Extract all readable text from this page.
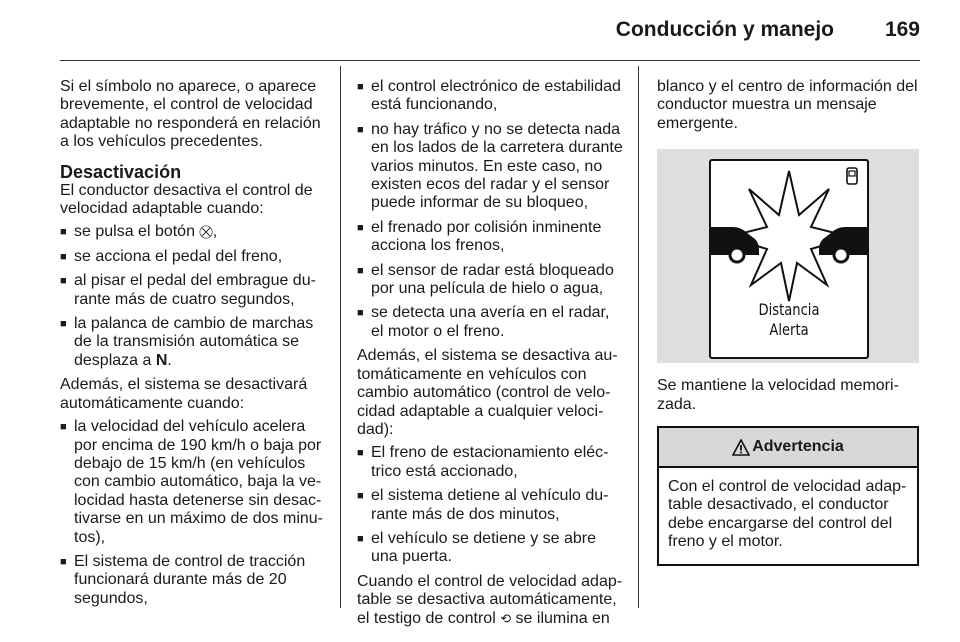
Conducción y manejo 169

Si el símbolo no aparece, o aparece brevemente, el control de velocidad adaptable no responderá en relación a los vehículos precedentes.

Desactivación

El conductor desactiva el control de velocidad adaptable cuando:

■ se pulsa el botón ⛒,
■ se acciona el pedal del freno,
■ al pisar el pedal del embrague durante más de cuatro segundos,
■ la palanca de cambio de marchas de la transmisión automática se desplaza a N.

Además, el sistema se desactivará automáticamente cuando:

■ la velocidad del vehículo acelera por encima de 190 km/h o baja por debajo de 15 km/h (en vehículos con cambio automático, baja la velocidad hasta detenerse sin desactivarse en un máximo de dos minutos),
■ El sistema de control de tracción funcionará durante más de 20 segundos,
■ el control electrónico de estabilidad está funcionando,
■ no hay tráfico y no se detecta nada en los lados de la carretera durante varios minutos. En este caso, no existen ecos del radar y el sensor puede informar de su bloqueo,
■ el frenado por colisión inminente acciona los frenos,
■ el sensor de radar está bloqueado por una película de hielo o agua,
■ se detecta una avería en el radar, el motor o el freno.

Además, el sistema se desactiva automáticamente en vehículos con cambio automático (control de velocidad adaptable a cualquier velocidad):

■ El freno de estacionamiento eléctrico está accionado,
■ el sistema detiene al vehículo durante más de dos minutos,
■ el vehículo se detiene y se abre una puerta.

Cuando el control de velocidad adaptable se desactiva automáticamente, el testigo de control ⟲ se ilumina en

blanco y el centro de información del conductor muestra un mensaje emergente.

Distancia
Alerta

Se mantiene la velocidad memorizada.

Advertencia
Con el control de velocidad adaptable desactivado, el conductor debe encargarse del control del freno y el motor.
